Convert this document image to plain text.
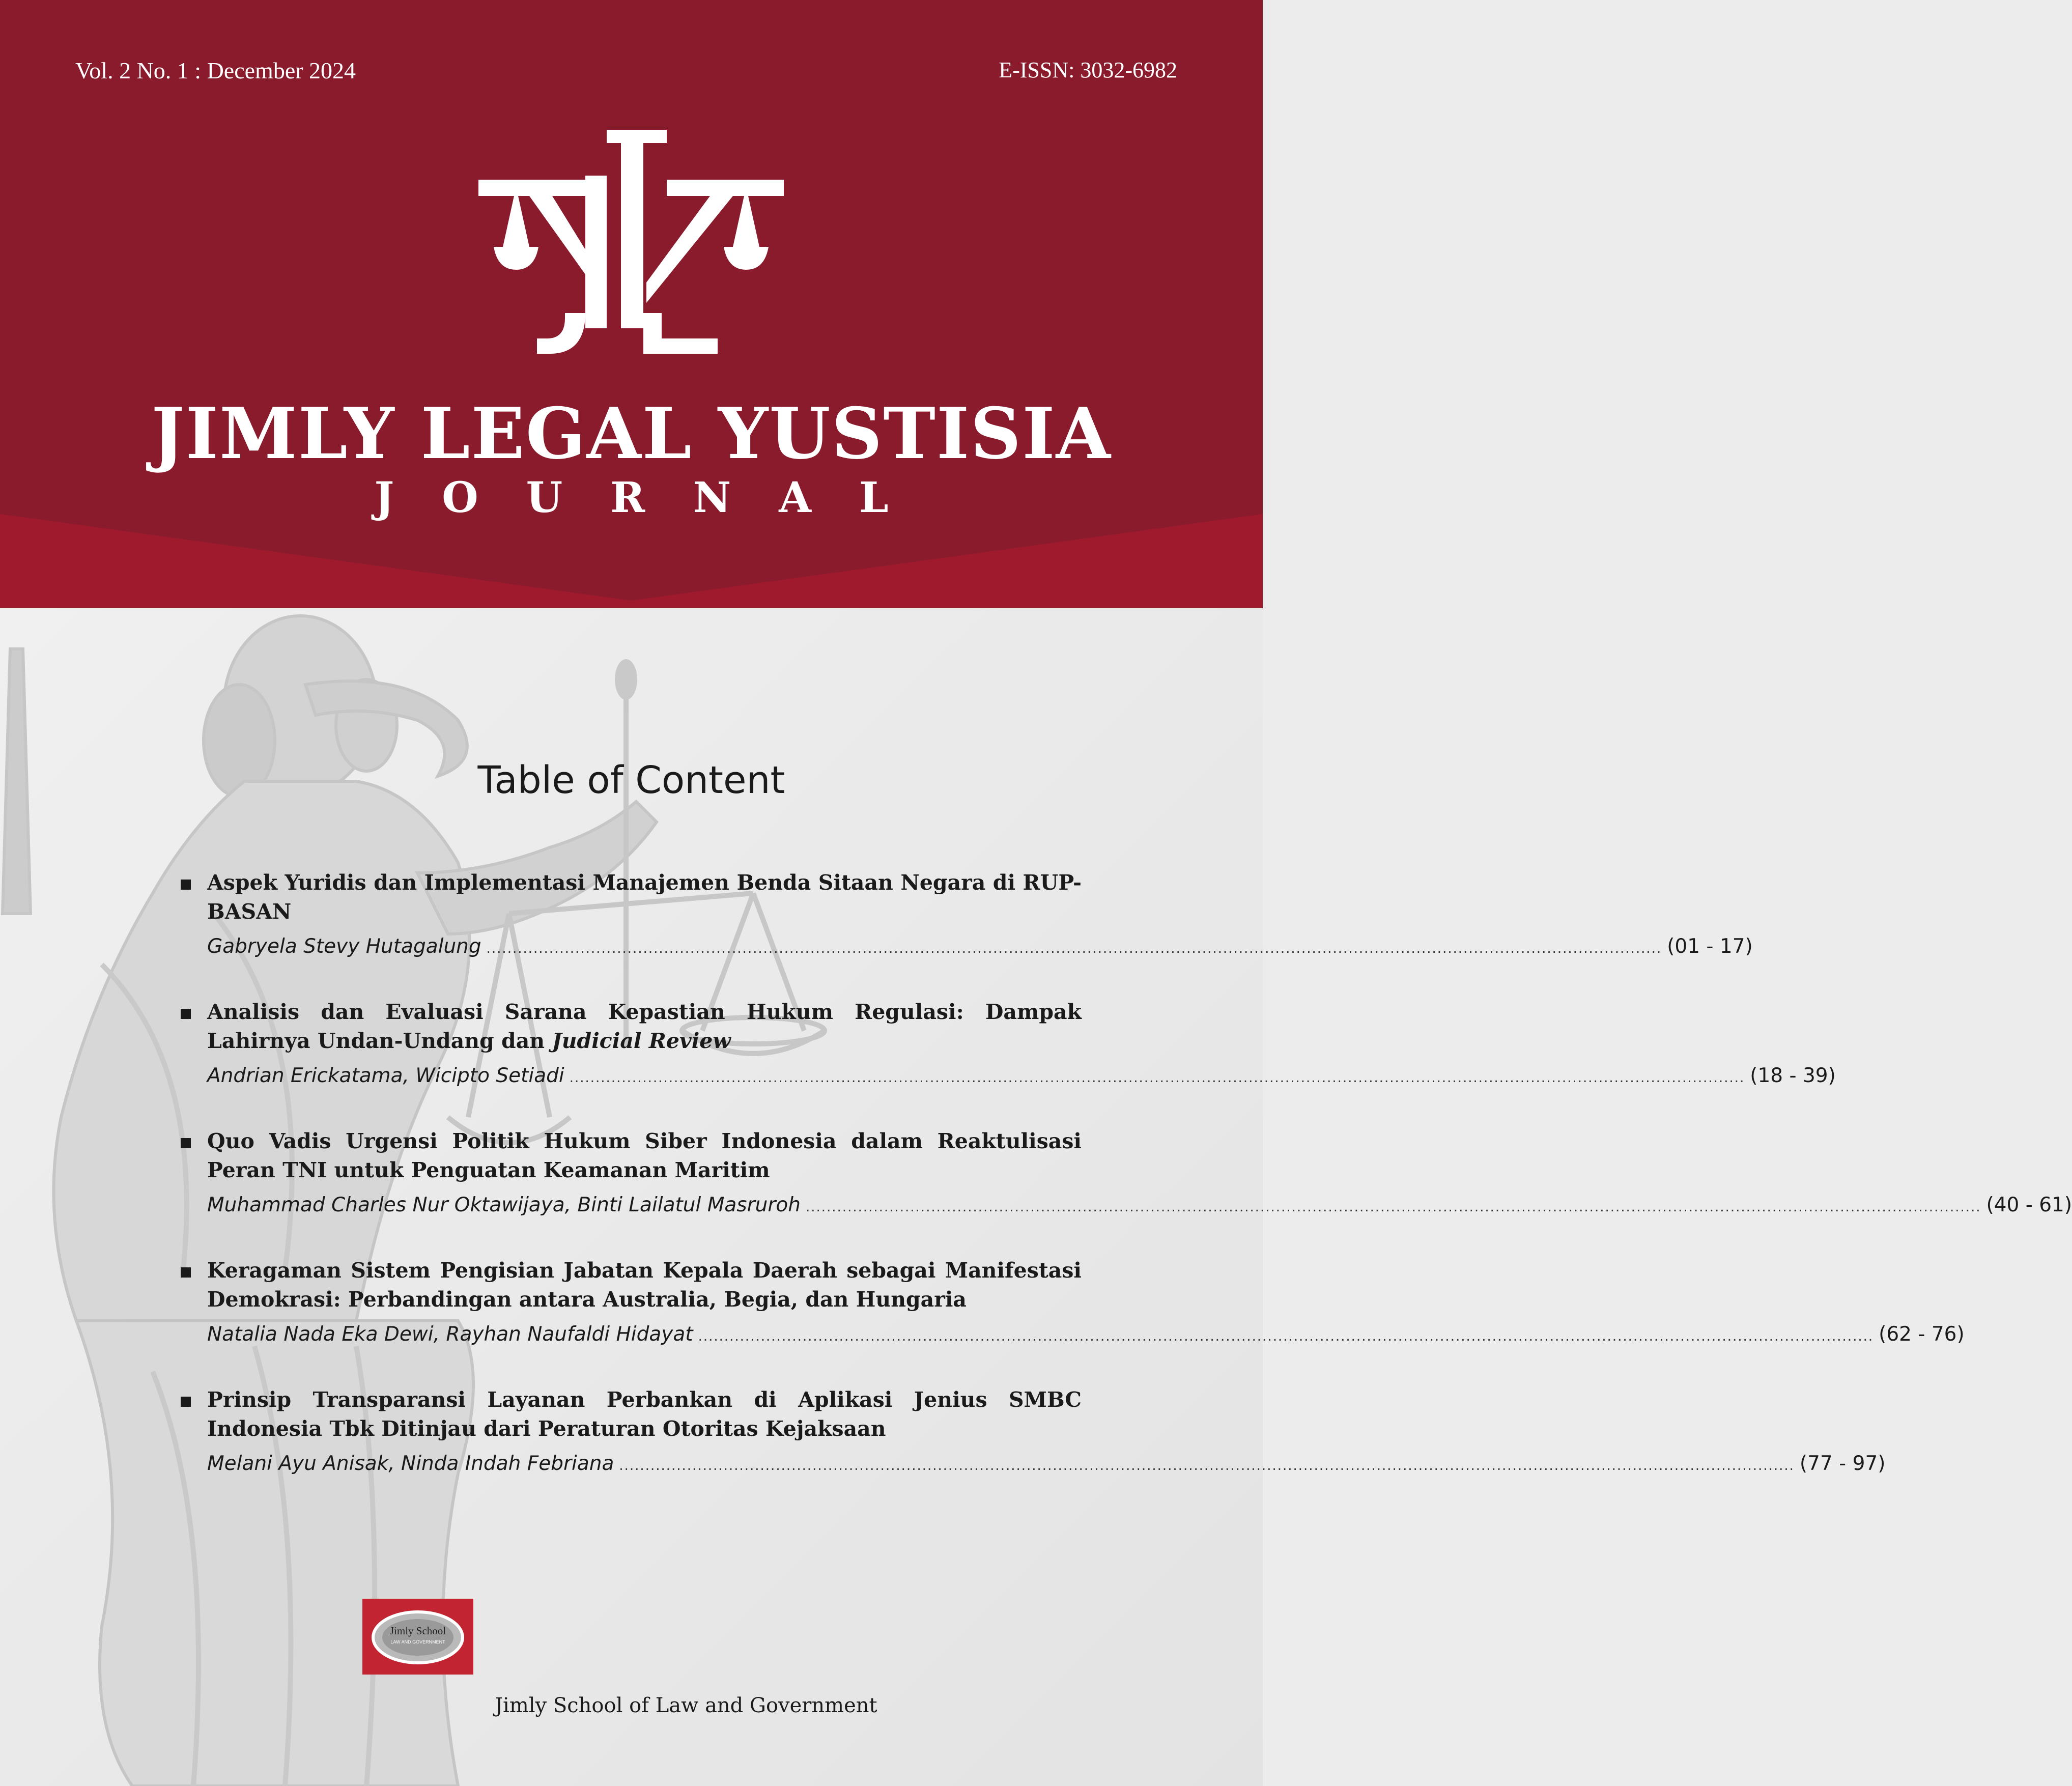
Vol. 2 No. 1 : December 2024	E-ISSN: 3032-6982
JIMLY LEGAL YUSTISIA
JOURNAL
Table of Content
Aspek Yuridis dan Implementasi Manajemen Benda Sitaan Negara di RUP-BASAN
Gabryela Stevy Hutagalung ................................................................................................................................................................................................................................. (01 - 17)
Analisis dan Evaluasi Sarana Kepastian Hukum Regulasi: Dampak Lahirnya Undan-Undang dan Judicial Review
Andrian Erickatama, Wicipto Setiadi ................................................................................................................................................................................................................................. (18 - 39)
Quo Vadis Urgensi Politik Hukum Siber Indonesia dalam Reaktulisasi Peran TNI untuk Penguatan Keamanan Maritim
Muhammad Charles Nur Oktawijaya, Binti Lailatul Masruroh ................................................................................................................................................................................................................................. (40 - 61)
Keragaman Sistem Pengisian Jabatan Kepala Daerah sebagai Manifestasi Demokrasi: Perbandingan antara Australia, Begia, dan Hungaria
Natalia Nada Eka Dewi, Rayhan Naufaldi Hidayat ................................................................................................................................................................................................................................. (62 - 76)
Prinsip Transparansi Layanan Perbankan di Aplikasi Jenius SMBC Indonesia Tbk Ditinjau dari Peraturan Otoritas Kejaksaan
Melani Ayu Anisak, Ninda Indah Febriana ................................................................................................................................................................................................................................. (77 - 97)
Jimly School
LAW AND GOVERNMENT
Jimly School of Law and Government
